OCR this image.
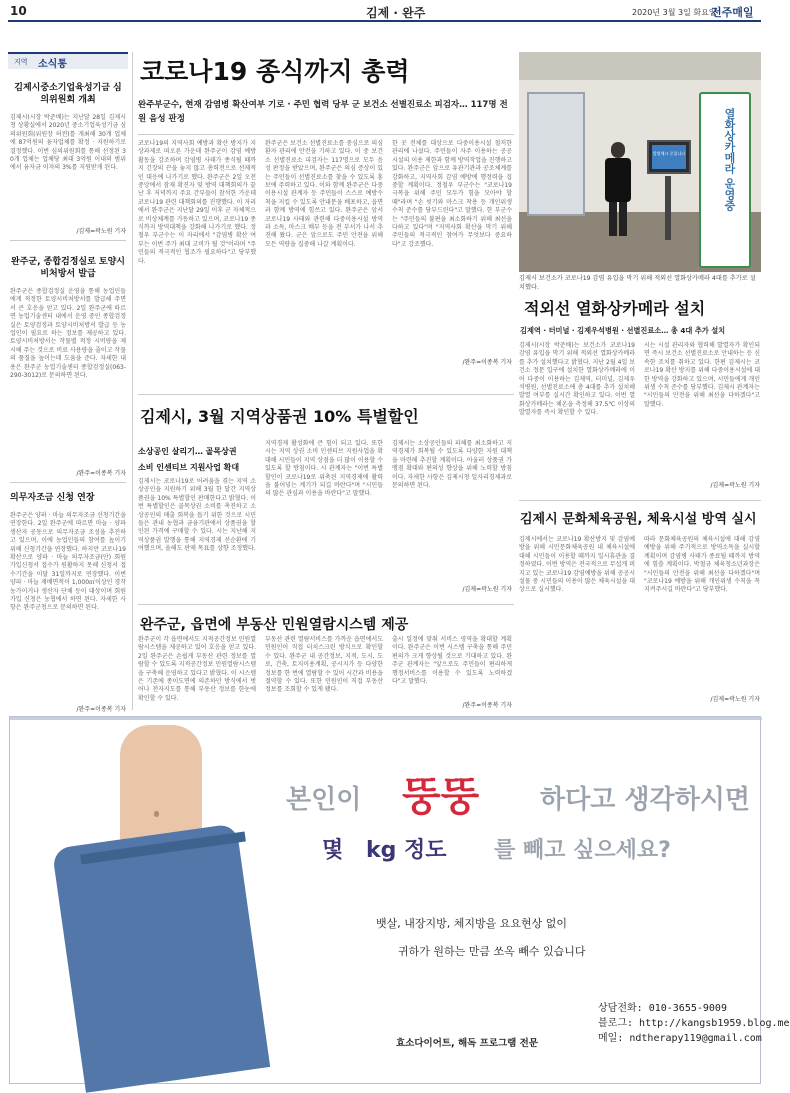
10	김제 · 완주	2020년 3월 3일 화요일
전주매일
지역 소식통
김제시중소기업육성기금 심의위원회 개최
김제시(시장 박준배)는 지난달 28일 김제시청 상황실에서 2020년 중소기업육성기금 심의위원회(위원장 허전)를 개최해 30개 업체에 87억원의 융자업체를 확정 · 지원하기로 결정했다. 이번 심의위원회를 통해 선정된 30개 업체는 업체당 최대 3억원 이내의 범위에서 융자금 이자의 3%를 지원받게 된다.
/김제=곽노원 기자
완주군, 종합검정실로 토양시비처방서 발급
완주군은 종합검정실 운영을 통해 농업인들에게 적정한 토양시비처방서를 발급해 주면서 큰 호응을 얻고 있다. 2일 완주군에 따르면 농업기술센터 내에서 운영 중인 종합검정실은 토양검정과 토양시비처방서 발급 등 농업인이 필요로 하는 정보를 제공하고 있다. 토양시비처방서는 작물별 적정 시비량을 제시해 주는 것으로 비료 사용량을 줄이고 작물의 품질을 높이는데 도움을 준다. 자세한 내용은 완주군 농업기술센터 종합검정실(063-290-3012)로 문의하면 된다.
/완주=이종복 기자
의무자조금 신청 연장
완주군은 양파 · 마늘 의무자조금 신청기간을 연장한다. 2일 완주군에 따르면 마늘 · 양파 생산자 공동으로 의무자조금 조성을 추진하고 있으며, 이에 농업인들의 참여를 높이기 위해 신청기간을 연장했다. 하지만 코로나19 확산으로 양파 · 마늘 의무자조금(안) 회원 가입신청서 접수가 원활하지 못해 신청서 접수기간을 이달 31일까지로 연장했다. 이번 양파 · 마늘 재배면적이 1,000㎡이상인 경작농가이거나 생산자 단체 등이 대상이며 회원 가입 신청은 농협에서 하면 된다. 자세한 사항은 완주군청으로 문의하면 된다.
/완주=이종복 기자
코로나19 종식까지 총력
완주부군수, 현재 감염병 확산여부 기로 · 주민 협력 당부 군 보건소 선별진료소 피검자… 117명 전원 음성 판정
코로나19의 지역사회 예방과 확산 방지가 지상과제로 떠오른 가운데 완주군이 감염 예방활동을 강조하며 감염병 사태가 종식될 때까지 긴장의 끈을 놓지 않고 총력전으로 선제적인 대응에 나가기로 했다. 완주군은 2일 오전 중앙에서 잠재 확진자 및 방역 대책회의가 끝난 후 저녁까지 주요 간부들이 참석한 가운데 코로나19 관련 대책회의를 진행했다. 이 자리에서 완주군은 지난달 29일 이후 군 자체적으로 비상체계를 가동하고 있으며, 코로나19 종식까지 방역대책을 강화해 나가기로 했다. 정철우 부군수는 이 자리에서 "감염병 확산 여부는 이번 주가 최대 고비가 될 것"이라며 "주민들의 적극적인 협조가 필요하다"고 당부했다.
완주군은 보건소 선별진료소를 중심으로 의심환자 관리에 만전을 기하고 있다. 이 중 보건소 선별진료소 피검자는 117명으로 모두 음성 판정을 받았으며, 완주군은 의심 증상이 있는 주민들이 선별진료소를 찾을 수 있도록 홍보에 주력하고 있다. 이와 함께 완주군은 다중이용시설 관계자 등 주민들이 스스로 예방수칙을 지킬 수 있도록 안내문을 배포하고, 읍면과 함께 방역에 힘쓰고 있다. 완주군은 앞서 코로나19 사태와 관련해 다중이용시설 방역과 소독, 마스크 배부 등을 전 부서가 나서 추진해 왔다. 군은 앞으로도 주민 안전을 위해 모든 역량을 집중해 나갈 계획이다.
한 곳 전체를 대상으로 다중이용시설 철저한 관리에 나섰다. 주민들이 자주 이용하는 공공시설의 이용 제한과 함께 방역작업을 진행하고 있다. 완주군은 앞으로 유관기관과 공조체계를 강화하고, 지역사회 감염 예방에 행정력을 집중할 계획이다. 정철우 부군수는 "코로나19 극복을 위해 주민 모두가 힘을 모아야 할 때"라며 "손 씻기와 마스크 착용 등 개인위생 수칙 준수를 당부드린다"고 말했다. 한 부군수는 "주민들의 불편을 최소화하기 위해 최선을 다하고 있다"며 "지역사회 확산을 막기 위해 주민들의 적극적인 참여가 무엇보다 중요하다"고 강조했다.
/완주=이종복 기자
발열체크 중입니다	열화상카메라 운영중
김제시 보건소가 코로나19 감염 유입을 막기 위해 적외선 열화상카메라 4대를 추가로 설치했다.
적외선 열화상카메라 설치
김제역 · 터미널 · 김제우석병원 · 선별진료소… 총 4대 추가 설치
김제시(시장 박준배)는 보건소가 코로나19 감염 유입을 막기 위해 적외선 열화상카메라를 추가 설치했다고 밝혔다. 지난 2월 4일 보건소 정문 입구에 설치한 열화상카메라에 이어 다중이 이용하는 김제역, 터미널, 김제우석병원, 선별진료소에 총 4대를 추가 설치해 발열 여부를 실시간 확인하고 있다. 이번 열화상카메라는 체온을 측정해 37.5℃ 이상의 발열자를 즉시 확인할 수 있다.
시는 시설 관리자와 협력해 발열자가 확인되면 즉시 보건소 선별진료소로 안내하는 등 신속한 조치를 취하고 있다. 한편 김제시는 코로나19 확산 방지를 위해 다중이용시설에 대한 방역을 강화하고 있으며, 시민들에게 개인위생 수칙 준수를 당부했다. 김제시 관계자는 "시민들의 안전을 위해 최선을 다하겠다"고 말했다.
/김제=곽노원 기자
김제시, 3월 지역상품권 10% 특별할인
소상공인 살리기… 골목상권
소비 인센티브 지원사업 확대
김제시는 코로나19로 어려움을 겪는 지역 소상공인을 지원하기 위해 3월 한 달간 지역상품권을 10% 특별할인 판매한다고 밝혔다. 이번 특별할인은 골목상권 소비를 촉진하고 소상공인의 매출 회복을 돕기 위한 것으로 시민들은 관내 농협과 금융기관에서 상품권을 할인된 가격에 구매할 수 있다. 시는 지난해 지역상품권 발행을 통해 지역경제 선순환에 기여했으며, 올해도 판매 목표를 상향 조정했다.
지역경제 활성화에 큰 힘이 되고 있다. 또한 시는 지역 상권 소비 인센티브 지원사업을 확대해 시민들이 지역 상점을 더 많이 이용할 수 있도록 할 방침이다. 시 관계자는 "이번 특별할인이 코로나19로 위축된 지역경제에 활력을 불어넣는 계기가 되길 바란다"며 "시민들의 많은 관심과 이용을 바란다"고 말했다.
김제시는 소상공인들의 피해를 최소화하고 지역경제가 회복될 수 있도록 다양한 지원 대책을 마련해 추진할 계획이다. 아울러 상품권 가맹점 확대와 편의성 향상을 위해 노력할 방침이다. 자세한 사항은 김제시청 일자리경제과로 문의하면 된다.
/김제=곽노원 기자
김제시 문화체육공원, 체육시설 방역 실시
김제시에서는 코로나19 확산방지 및 감염예방을 위해 시민문화체육공원 내 체육시설에 대해 시민들이 이용할 때까지 일시휴관을 결정하였다. 이번 방역은 전국적으로 무섭게 퍼지고 있는 코로나19 감염예방을 위해 공공시설물 중 시민들의 이용이 많은 체육시설을 대상으로 실시했다.
따라 문화체육공원의 체육시설에 대해 감염예방을 위해 주기적으로 방역소독을 실시할 계획이며 감염병 사태가 종료될 때까지 방역에 힘쓸 계획이다. 박철규 체육청소년과장은 "시민들의 안전을 위해 최선을 다하겠다"며 "코로나19 예방을 위해 개인위생 수칙을 꼭 지켜주시길 바란다"고 당부했다.
/김제=곽노원 기자
완주군, 읍면에 부동산 민원열람시스템 제공
완주군이 각 읍면에서도 지적공간정보 민원열람시스템을 제공하고 있어 호응을 얻고 있다. 2일 완주군은 손쉽게 부동산 관련 정보를 열람할 수 있도록 지적공간정보 민원열람시스템을 구축해 운영하고 있다고 밝혔다. 이 시스템은 기존에 종이도면에 의존하던 방식에서 벗어나 전자지도를 통해 부동산 정보를 한눈에 확인할 수 있다.
부동산 관련 열람서비스를 가까운 읍면에서도 민원인이 직접 터치스크린 방식으로 확인할 수 있다. 완주군 내 공간정보, 지적, 도시, 도로, 건축, 토지이용계획, 공시지가 등 다양한 정보를 한 번에 열람할 수 있어 시간과 비용을 절약할 수 있다. 또한 민원인이 직접 부동산 정보를 조회할 수 있게 됐다.
출시 일정에 맞춰 서비스 영역을 확대할 계획이다. 완주군은 이번 시스템 구축을 통해 주민 편의가 크게 향상될 것으로 기대하고 있다. 완주군 관계자는 "앞으로도 주민들이 편리하게 행정서비스를 이용할 수 있도록 노력하겠다"고 말했다.
/완주=이종복 기자
본인이 뚱뚱 하다고 생각하시면
몇 kg 정도 를 빼고 싶으세요?
뱃살, 내장지방, 체지방을 요요현상 없이
귀하가 원하는 만큼 쏘옥 빼수 있습니다
효소다이어트, 해독 프로그램 전문
상담전화: 010-3655-9009
블로그: http://kangsb1959.blog.me
메일: ndtherapy119@gmail.com
